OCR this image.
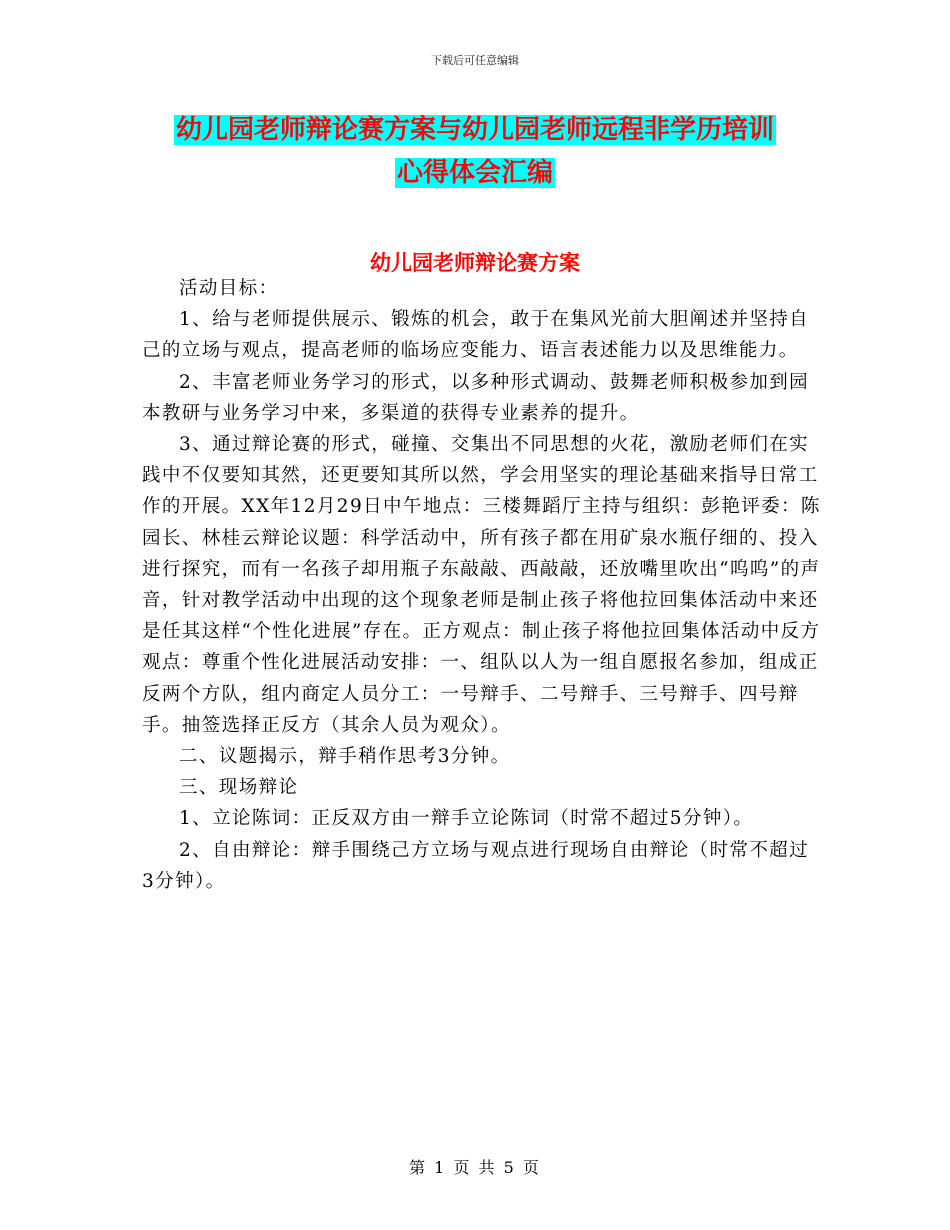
下载后可任意编辑
幼儿园老师辩论赛方案与幼儿园老师远程非学历培训
心得体会汇编
幼儿园老师辩论赛方案

活动目标：

1、给与老师提供展示、锻炼的机会，敢于在集风光前大胆阐述并坚持自己的立场与观点，提高老师的临场应变能力、语言表述能力以及思维能力。

2、丰富老师业务学习的形式，以多种形式调动、鼓舞老师积极参加到园本教研与业务学习中来，多渠道的获得专业素养的提升。

3、通过辩论赛的形式，碰撞、交集出不同思想的火花，激励老师们在实践中不仅要知其然，还更要知其所以然，学会用坚实的理论基础来指导日常工作的开展。XX年12月29日中午地点：三楼舞蹈厅主持与组织：彭艳评委：陈园长、林桂云辩论议题：科学活动中，所有孩子都在用矿泉水瓶仔细的、投入进行探究，而有一名孩子却用瓶子东敲敲、西敲敲，还放嘴里吹出“呜呜”的声音，针对教学活动中出现的这个现象老师是制止孩子将他拉回集体活动中来还是任其这样“个性化进展”存在。正方观点：制止孩子将他拉回集体活动中反方观点：尊重个性化进展活动安排：一、组队以人为一组自愿报名参加，组成正反两个方队，组内商定人员分工：一号辩手、二号辩手、三号辩手、四号辩手。抽签选择正反方（其余人员为观众）。

二、议题揭示，辩手稍作思考3分钟。

三、现场辩论

1、立论陈词：正反双方由一辩手立论陈词（时常不超过5分钟）。

2、自由辩论：辩手围绕己方立场与观点进行现场自由辩论（时常不超过3分钟）。

第 1 页 共 5 页
